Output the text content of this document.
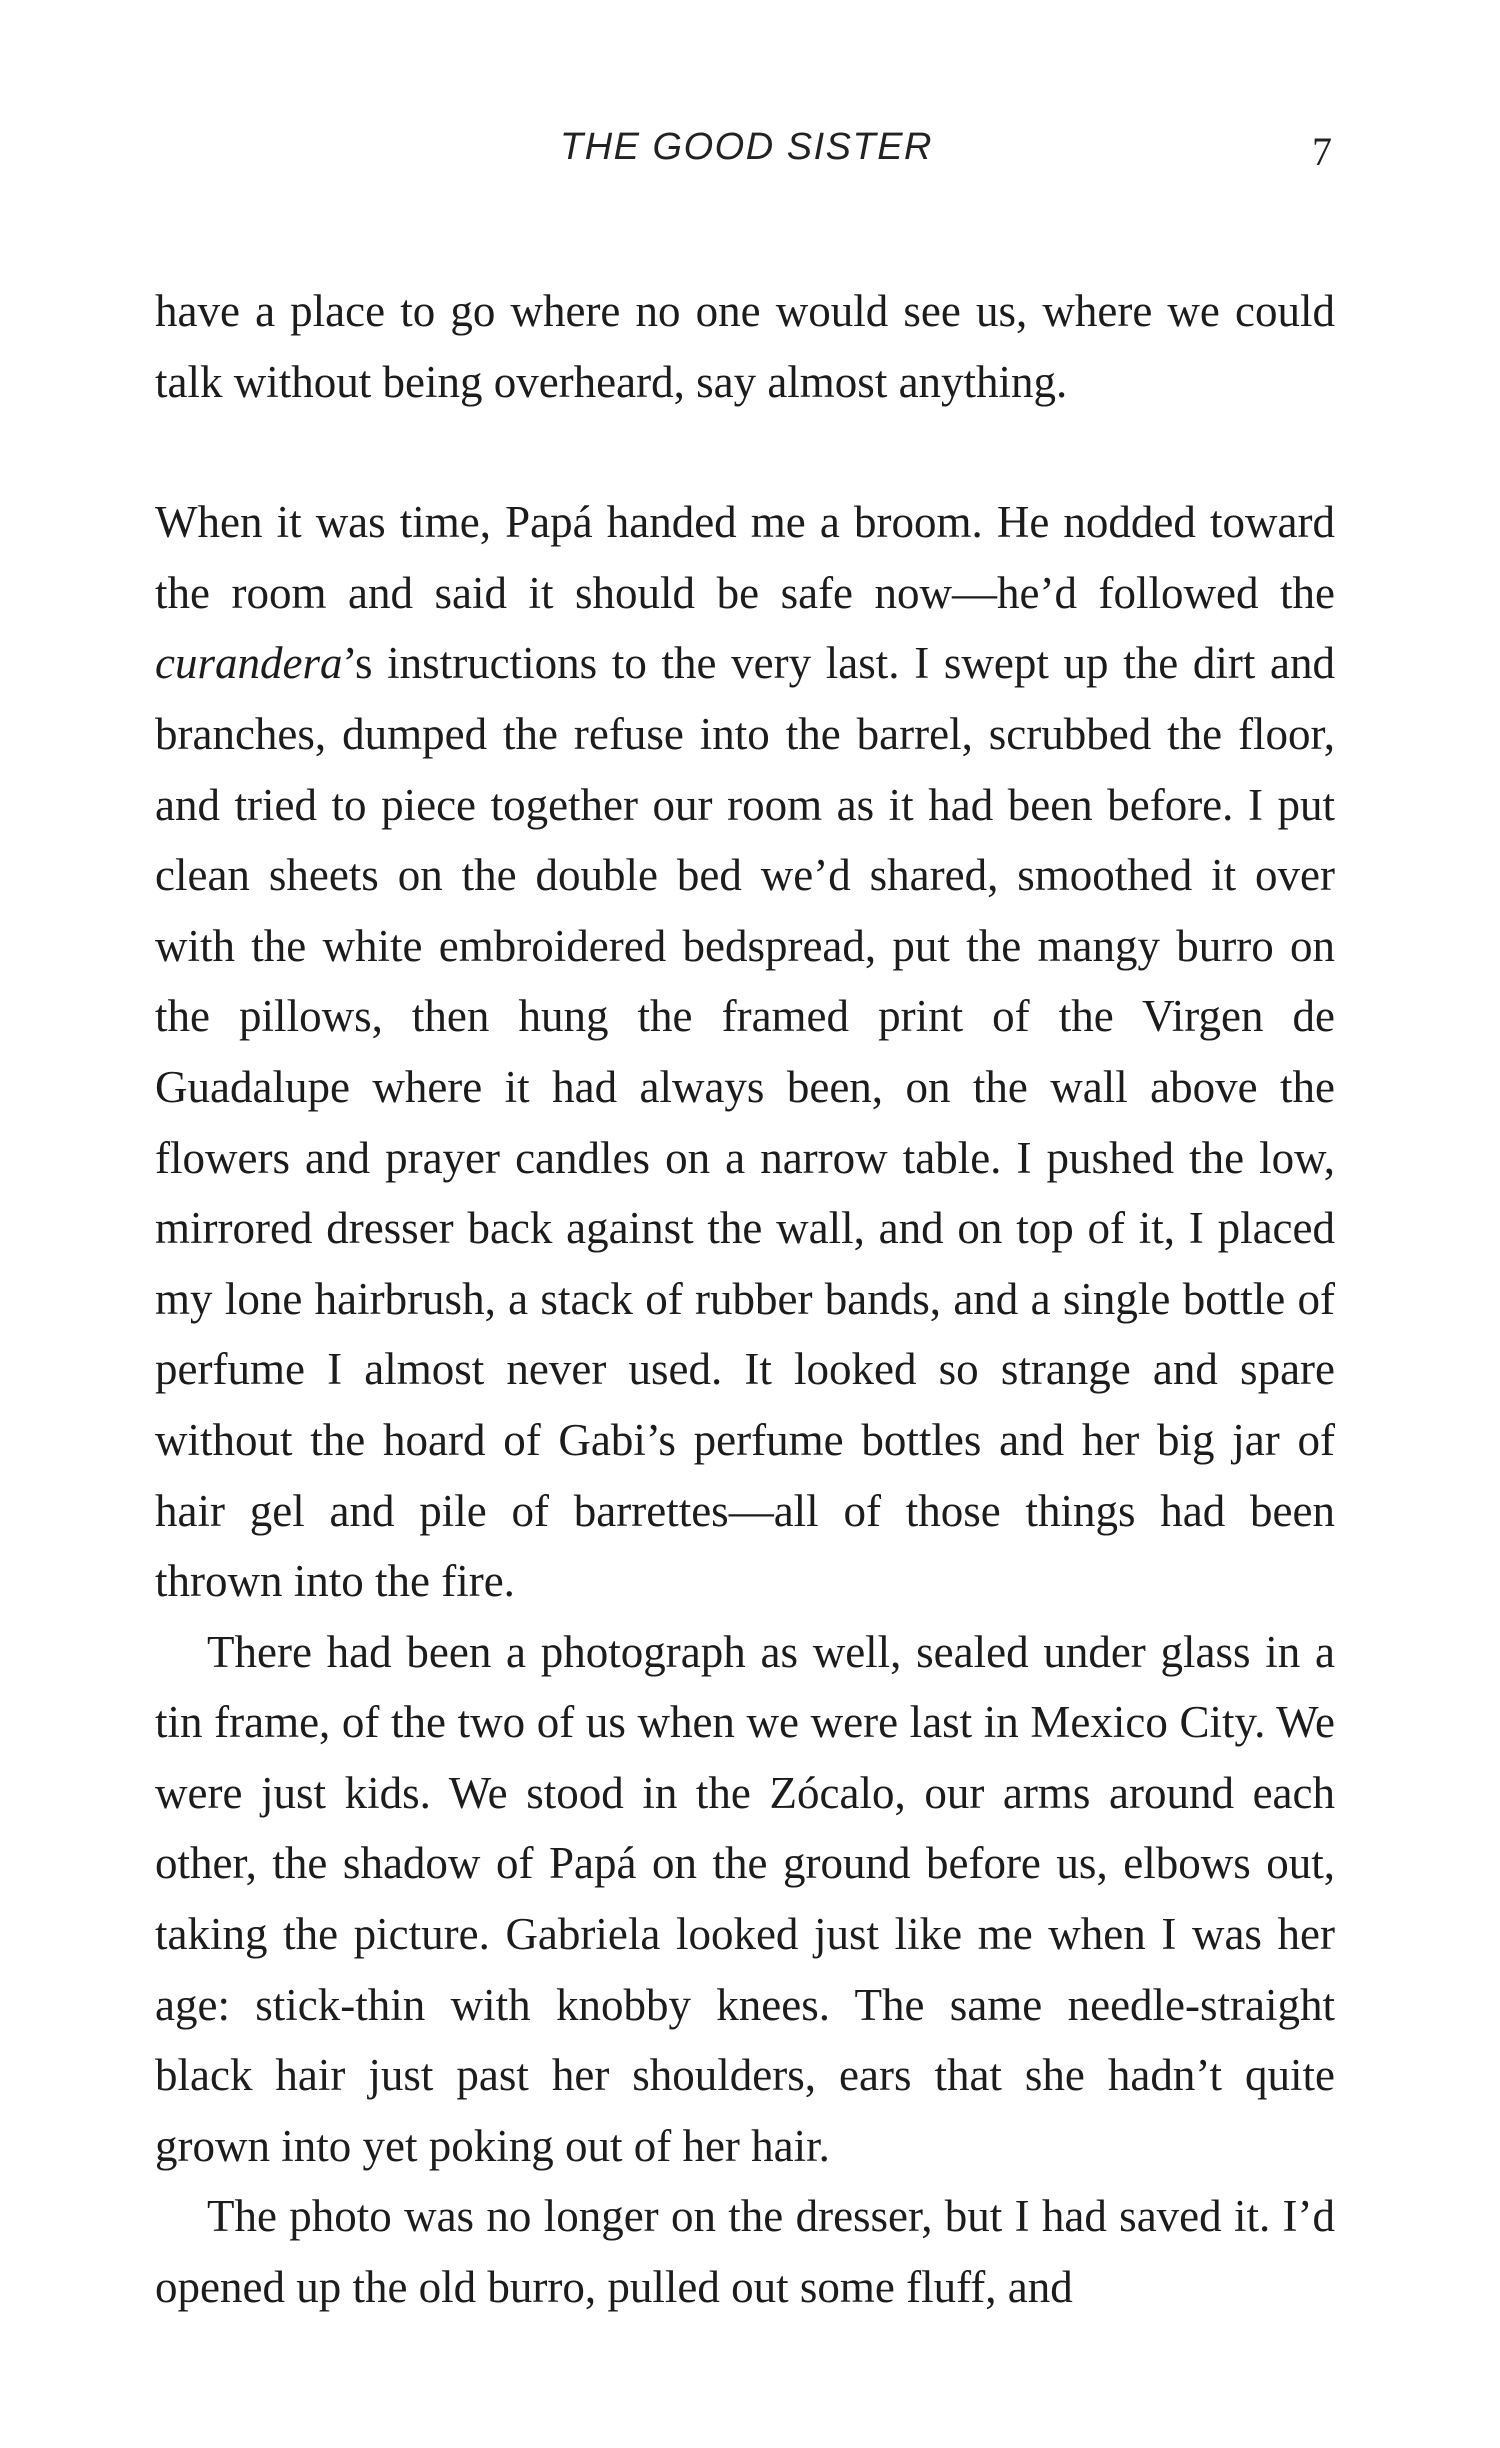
THE GOOD SISTER	7

have a place to go where no one would see us, where we could talk without being overheard, say almost anything.

When it was time, Papá handed me a broom. He nodded toward the room and said it should be safe now—he’d followed the curandera’s instructions to the very last. I swept up the dirt and branches, dumped the refuse into the barrel, scrubbed the floor, and tried to piece together our room as it had been before. I put clean sheets on the double bed we’d shared, smoothed it over with the white embroidered bedspread, put the mangy burro on the pillows, then hung the framed print of the Virgen de Guadalupe where it had always been, on the wall above the flowers and prayer candles on a narrow table. I pushed the low, mirrored dresser back against the wall, and on top of it, I placed my lone hairbrush, a stack of rubber bands, and a single bottle of perfume I almost never used. It looked so strange and spare without the hoard of Gabi’s perfume bottles and her big jar of hair gel and pile of barrettes—all of those things had been thrown into the fire.

There had been a photograph as well, sealed under glass in a tin frame, of the two of us when we were last in Mexico City. We were just kids. We stood in the Zócalo, our arms around each other, the shadow of Papá on the ground before us, elbows out, taking the picture. Gabriela looked just like me when I was her age: stick-thin with knobby knees. The same needle-straight black hair just past her shoulders, ears that she hadn’t quite grown into yet poking out of her hair.

The photo was no longer on the dresser, but I had saved it. I’d opened up the old burro, pulled out some fluff, and
